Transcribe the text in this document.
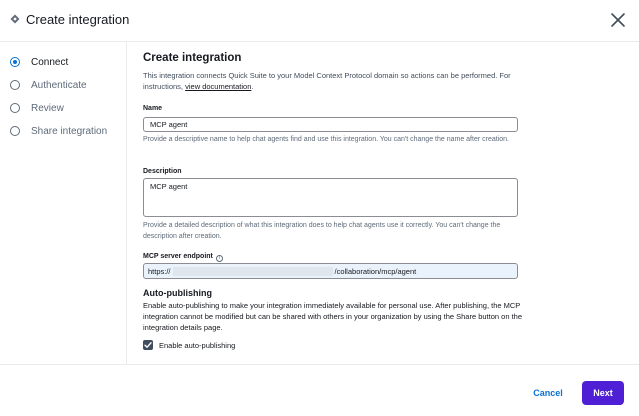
Create integration
Connect
Authenticate
Review
Share integration
Create integration
This integration connects Quick Suite to your Model Context Protocol domain so actions can be performed. For instructions, view documentation.
Name
MCP agent
Provide a descriptive name to help chat agents find and use this integration. You can't change the name after creation.
Description
MCP agent
Provide a detailed description of what this integration does to help chat agents use it correctly. You can't change the description after creation.
MCP server endpoint i
https://	/collaboration/mcp/agent
Auto-publishing
Enable auto-publishing to make your integration immediately available for personal use. After publishing, the MCP integration cannot be modified but can be shared with others in your organization by using the Share button on the integration details page.
Enable auto-publishing
Cancel	Next
